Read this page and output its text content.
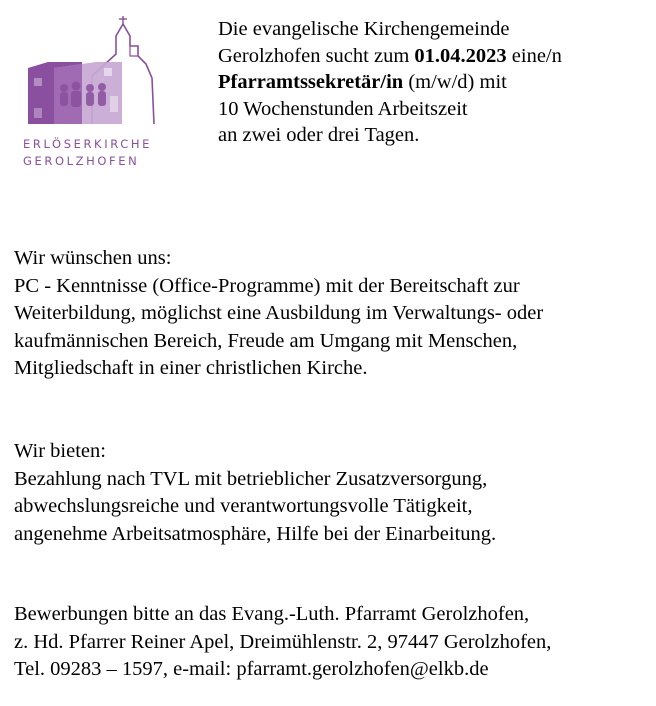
ERLÖSERKIRCHE
GEROLZHOFEN
Die evangelische Kirchengemeinde
Gerolzhofen sucht zum 01.04.2023 eine/n
Pfarramtssekretär/in (m/w/d) mit
10 Wochenstunden Arbeitszeit
an zwei oder drei Tagen.
Wir wünschen uns:
PC - Kenntnisse (Office-Programme) mit der Bereitschaft zur
Weiterbildung, möglichst eine Ausbildung im Verwaltungs- oder
kaufmännischen Bereich, Freude am Umgang mit Menschen,
Mitgliedschaft in einer christlichen Kirche.
Wir bieten:
Bezahlung nach TVL mit betrieblicher Zusatzversorgung,
abwechslungsreiche und verantwortungsvolle Tätigkeit,
angenehme Arbeitsatmosphäre, Hilfe bei der Einarbeitung.
Bewerbungen bitte an das Evang.-Luth. Pfarramt Gerolzhofen,
z. Hd. Pfarrer Reiner Apel, Dreimühlenstr. 2, 97447 Gerolzhofen,
Tel. 09283 – 1597, e-mail: pfarramt.gerolzhofen@elkb.de
